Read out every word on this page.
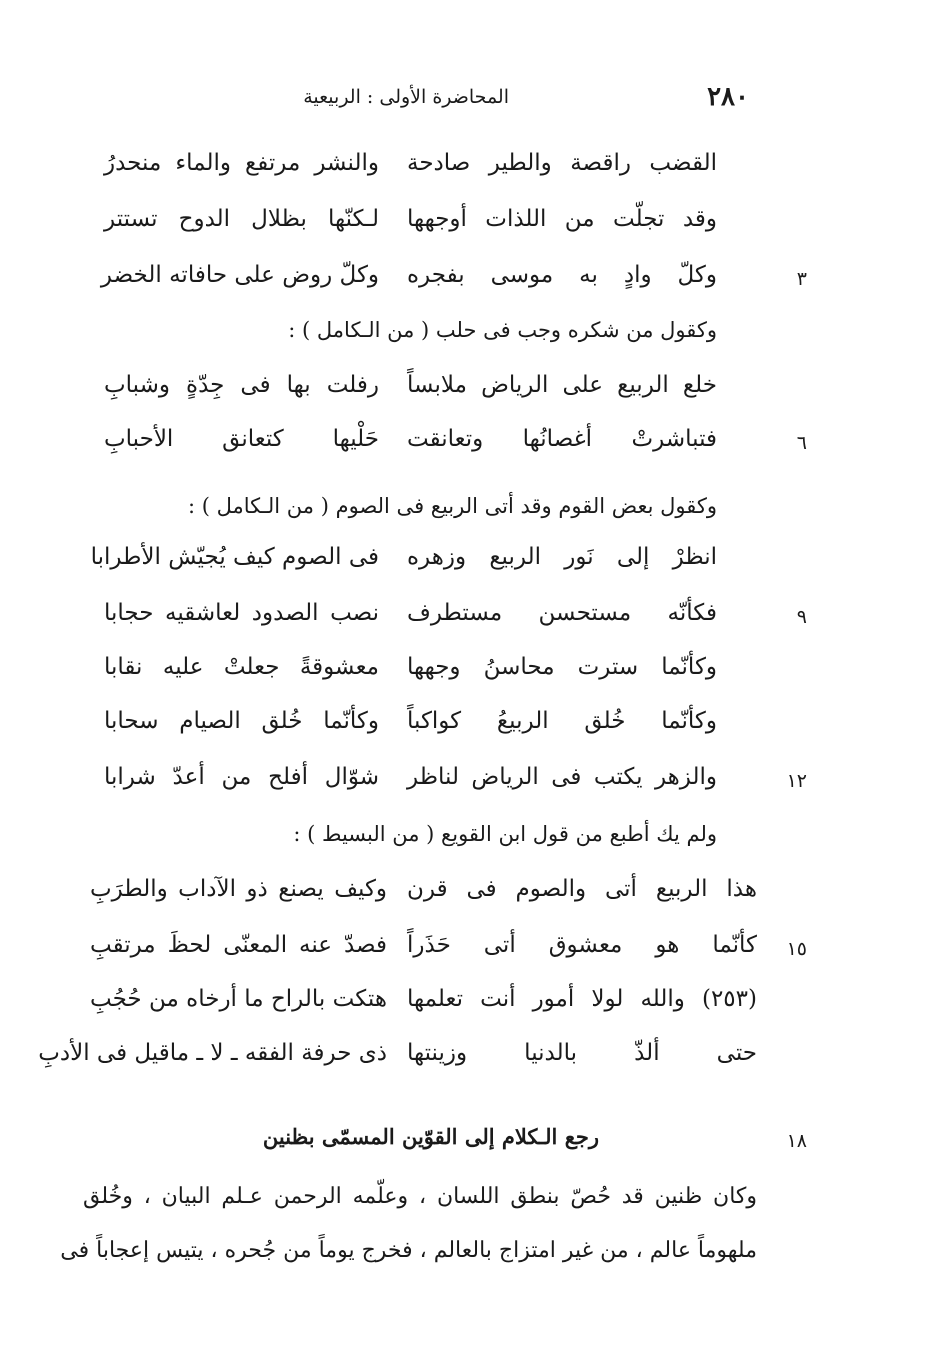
٢٨٠
المحاضرة الأولى : الربيعية
القضب راقصة والطير صادحة
والنشر مرتفع والماء منحدرُ
وقد تجلّت من اللذات أوجهها
لـكنّها بظلال الدوح تستتر
٣
وكلّ وادٍ به موسى بفجره
وكلّ روض على حافاته الخضر
وكقول من شكره وجب فى حلب ( من الـكامل ) :
خلع الربيع على الرياض ملابساً
رفلت بها فى جِدّةٍ وشبابِ
٦
فتباشرتْ أغصانُها وتعانقت
حَلْيها كتعانق الأحبابِ
وكقول بعض القوم وقد أتى الربيع فى الصوم ( من الـكامل ) :
انظرْ إلى نَور الربيع وزهره
فى الصوم كيف يُجيّش الأطرابا
٩
فكأنّه مستحسن مستطرف
نصب الصدود لعاشقيه حجابا
وكأنّما سترت محاسنُ وجهها
معشوقةً جعلتْ عليه نقابا
وكأنّما خُلق الربيعُ كواكباً
وكأنّما خُلق الصيام سحابا
١٢
والزهر يكتب فى الرياض لناظر
شوّال أفلح من أعدّ شرابا
ولم يك أطبع من قول ابن القويع ( من البسيط ) :
هذا الربيع أتى والصوم فى قرن
وكيف يصنع ذو الآداب والطرَبِ
١٥
كأنّما هو معشوق أتى حَذَراً
فصدّ عنه المعنّى لحظَ مرتقبِ
(٢٥٣) والله لولا أمور أنت تعلمها
هتكت بالراح ما أرخاه من حُجُبِ
حتى ألذّ بالدنيا وزينتها
ذى حرفة الفقه ـ لا ـ ماقيل فى الأدبِ
١٨
رجع الـكلام إلى القوّين المسمّى بظنين
وكان ظنين قد حُصّ بنطق اللسان ، وعلّمه الرحمن عـلم البيان ، وخُلق
ملهوماً عالم ، من غير امتزاج بالعالم ، فخرج يوماً من جُحره ، يتيس إعجاباً فى
